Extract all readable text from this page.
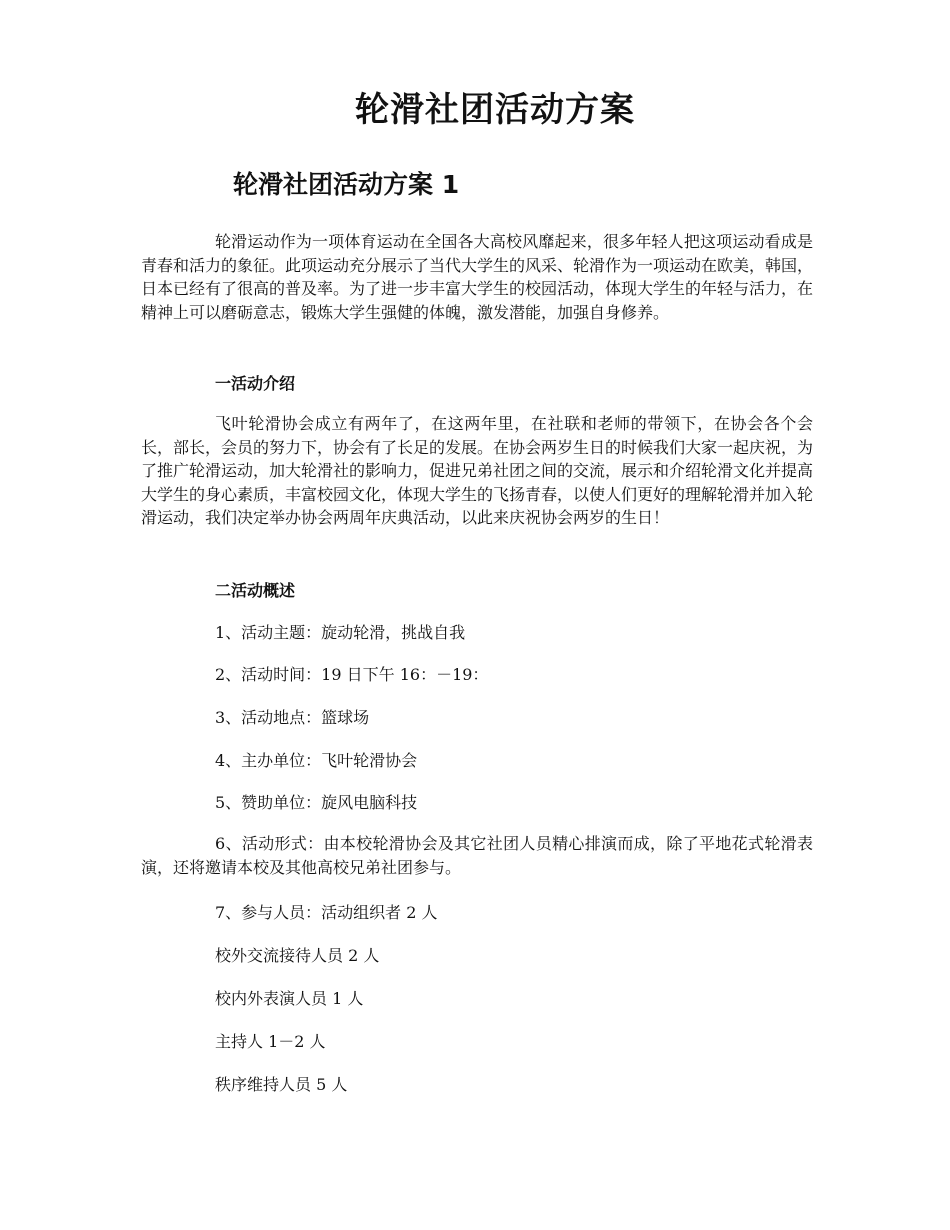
轮滑社团活动方案
轮滑社团活动方案 1

轮滑运动作为一项体育运动在全国各大高校风靡起来，很多年轻人把这项运动看成是青春和活力的象征。此项运动充分展示了当代大学生的风采、轮滑作为一项运动在欧美，韩国，日本已经有了很高的普及率。为了进一步丰富大学生的校园活动，体现大学生的年轻与活力，在精神上可以磨砺意志，锻炼大学生强健的体魄，激发潜能，加强自身修养。

一活动介绍

飞叶轮滑协会成立有两年了，在这两年里，在社联和老师的带领下，在协会各个会长，部长，会员的努力下，协会有了长足的发展。在协会两岁生日的时候我们大家一起庆祝，为了推广轮滑运动，加大轮滑社的影响力，促进兄弟社团之间的交流，展示和介绍轮滑文化并提高大学生的身心素质，丰富校园文化，体现大学生的飞扬青春，以使人们更好的理解轮滑并加入轮滑运动，我们决定举办协会两周年庆典活动，以此来庆祝协会两岁的生日！

二活动概述

1、活动主题：旋动轮滑，挑战自我

2、活动时间：19 日下午 16：－19：

3、活动地点：篮球场

4、主办单位：飞叶轮滑协会

5、赞助单位：旋风电脑科技

6、活动形式：由本校轮滑协会及其它社团人员精心排演而成，除了平地花式轮滑表演，还将邀请本校及其他高校兄弟社团参与。

7、参与人员：活动组织者 2 人

校外交流接待人员 2 人

校内外表演人员 1 人

主持人 1－2 人

秩序维持人员 5 人
